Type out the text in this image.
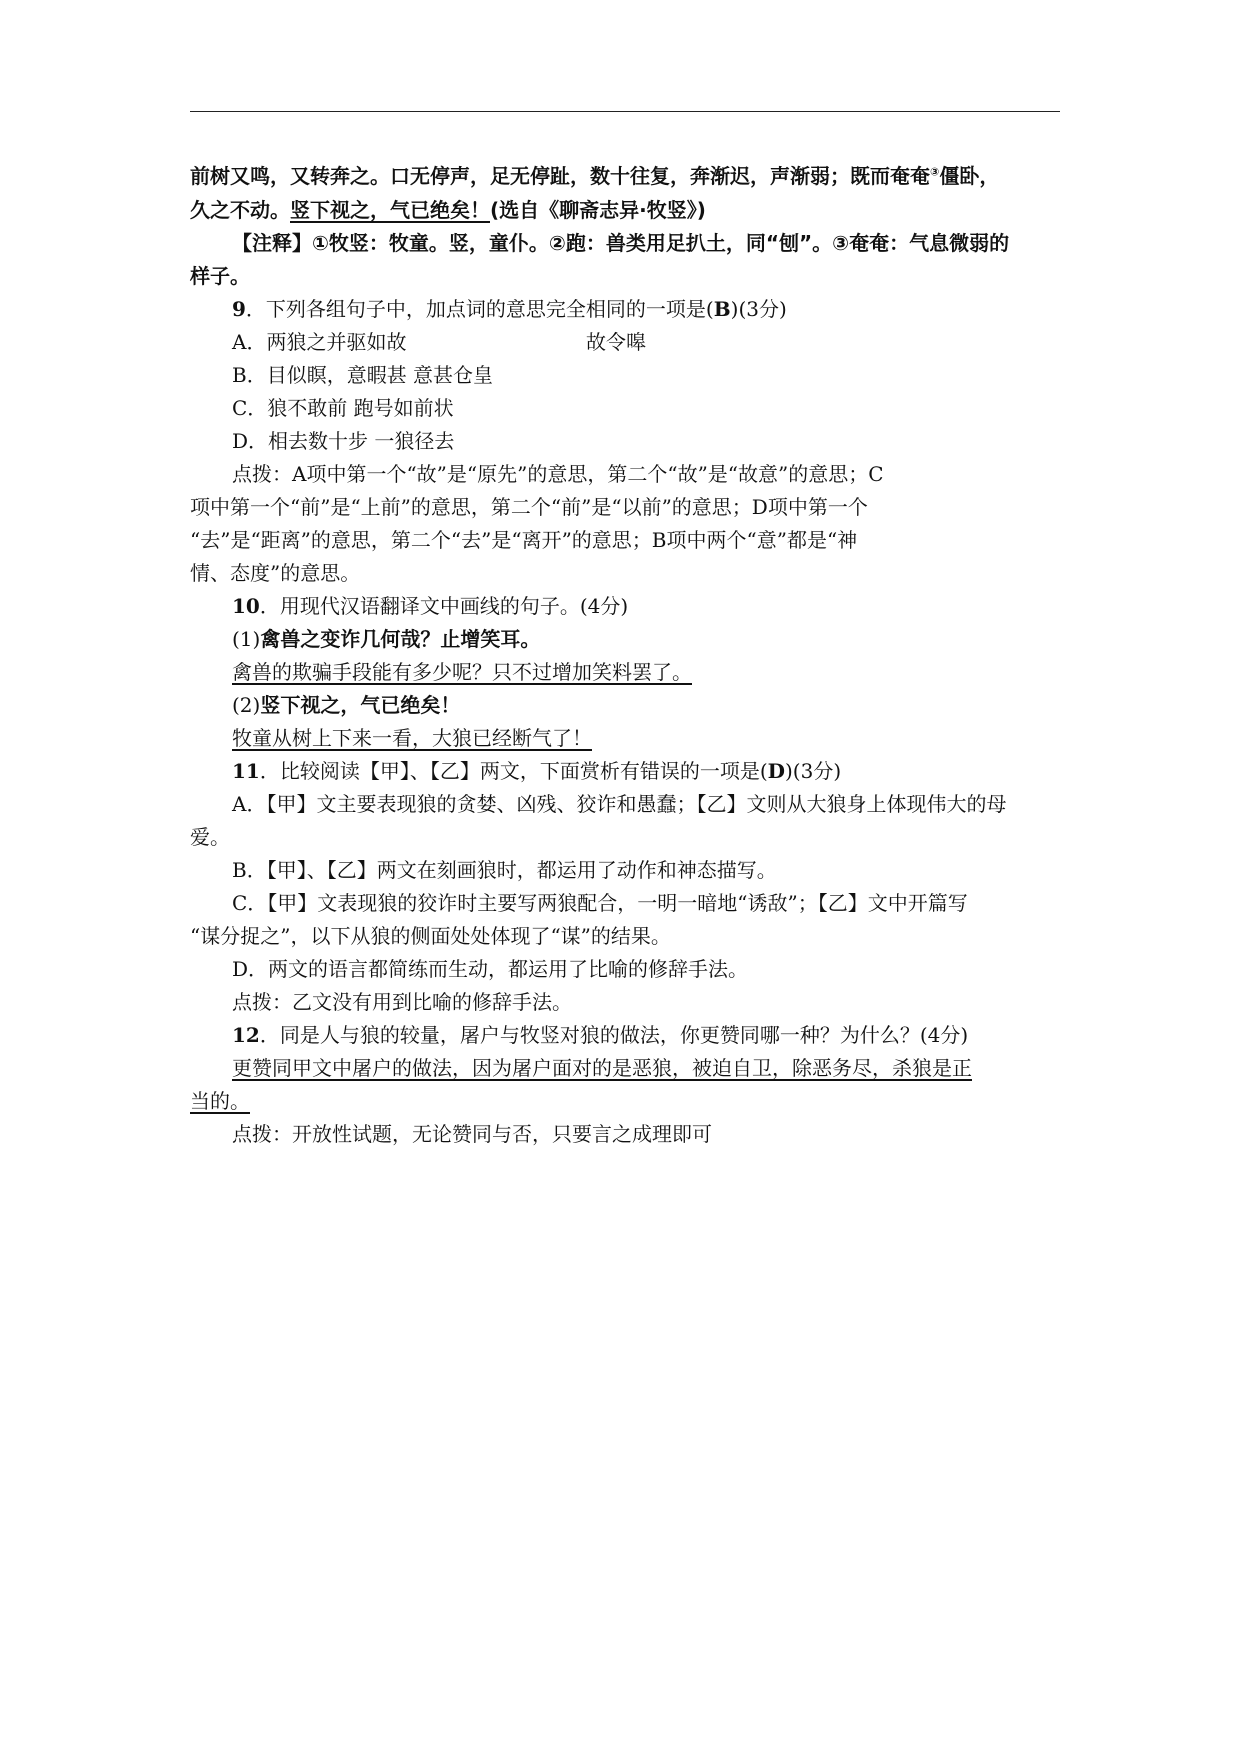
前树又鸣，又转奔之。口无停声，足无停趾，数十往复，奔渐迟，声渐弱；既而奄奄③僵卧，
久之不动。竖下视之，气已绝矣！(选自《聊斋志异·牧竖》)
【注释】①牧竖：牧童。竖，童仆。②跑：兽类用足扒土，同“刨”。③奄奄：气息微弱的
样子。
9．下列各组句子中，加点词的意思完全相同的一项是(B)(3分)
A．两狼之并驱如故	故令嗥
B．目似瞑，意暇甚 意甚仓皇
C．狼不敢前 跑号如前状
D．相去数十步 一狼径去
点拨：A项中第一个“故”是“原先”的意思，第二个“故”是“故意”的意思；C
项中第一个“前”是“上前”的意思，第二个“前”是“以前”的意思；D项中第一个
“去”是“距离”的意思，第二个“去”是“离开”的意思；B项中两个“意”都是“神
情、态度”的意思。
10．用现代汉语翻译文中画线的句子。(4分)
(1)禽兽之变诈几何哉？止增笑耳。
禽兽的欺骗手段能有多少呢？只不过增加笑料罢了。
(2)竖下视之，气已绝矣！
牧童从树上下来一看，大狼已经断气了！
11．比较阅读【甲】、【乙】两文，下面赏析有错误的一项是(D)(3分)
A．【甲】文主要表现狼的贪婪、凶残、狡诈和愚蠢；【乙】文则从大狼身上体现伟大的母
爱。
B．【甲】、【乙】两文在刻画狼时，都运用了动作和神态描写。
C．【甲】文表现狼的狡诈时主要写两狼配合，一明一暗地“诱敌”；【乙】文中开篇写
“谋分捉之”，以下从狼的侧面处处体现了“谋”的结果。
D．两文的语言都简练而生动，都运用了比喻的修辞手法。
点拨：乙文没有用到比喻的修辞手法。
12．同是人与狼的较量，屠户与牧竖对狼的做法，你更赞同哪一种？为什么？(4分)
更赞同甲文中屠户的做法，因为屠户面对的是恶狼，被迫自卫，除恶务尽，杀狼是正
当的。
点拨：开放性试题，无论赞同与否，只要言之成理即可
